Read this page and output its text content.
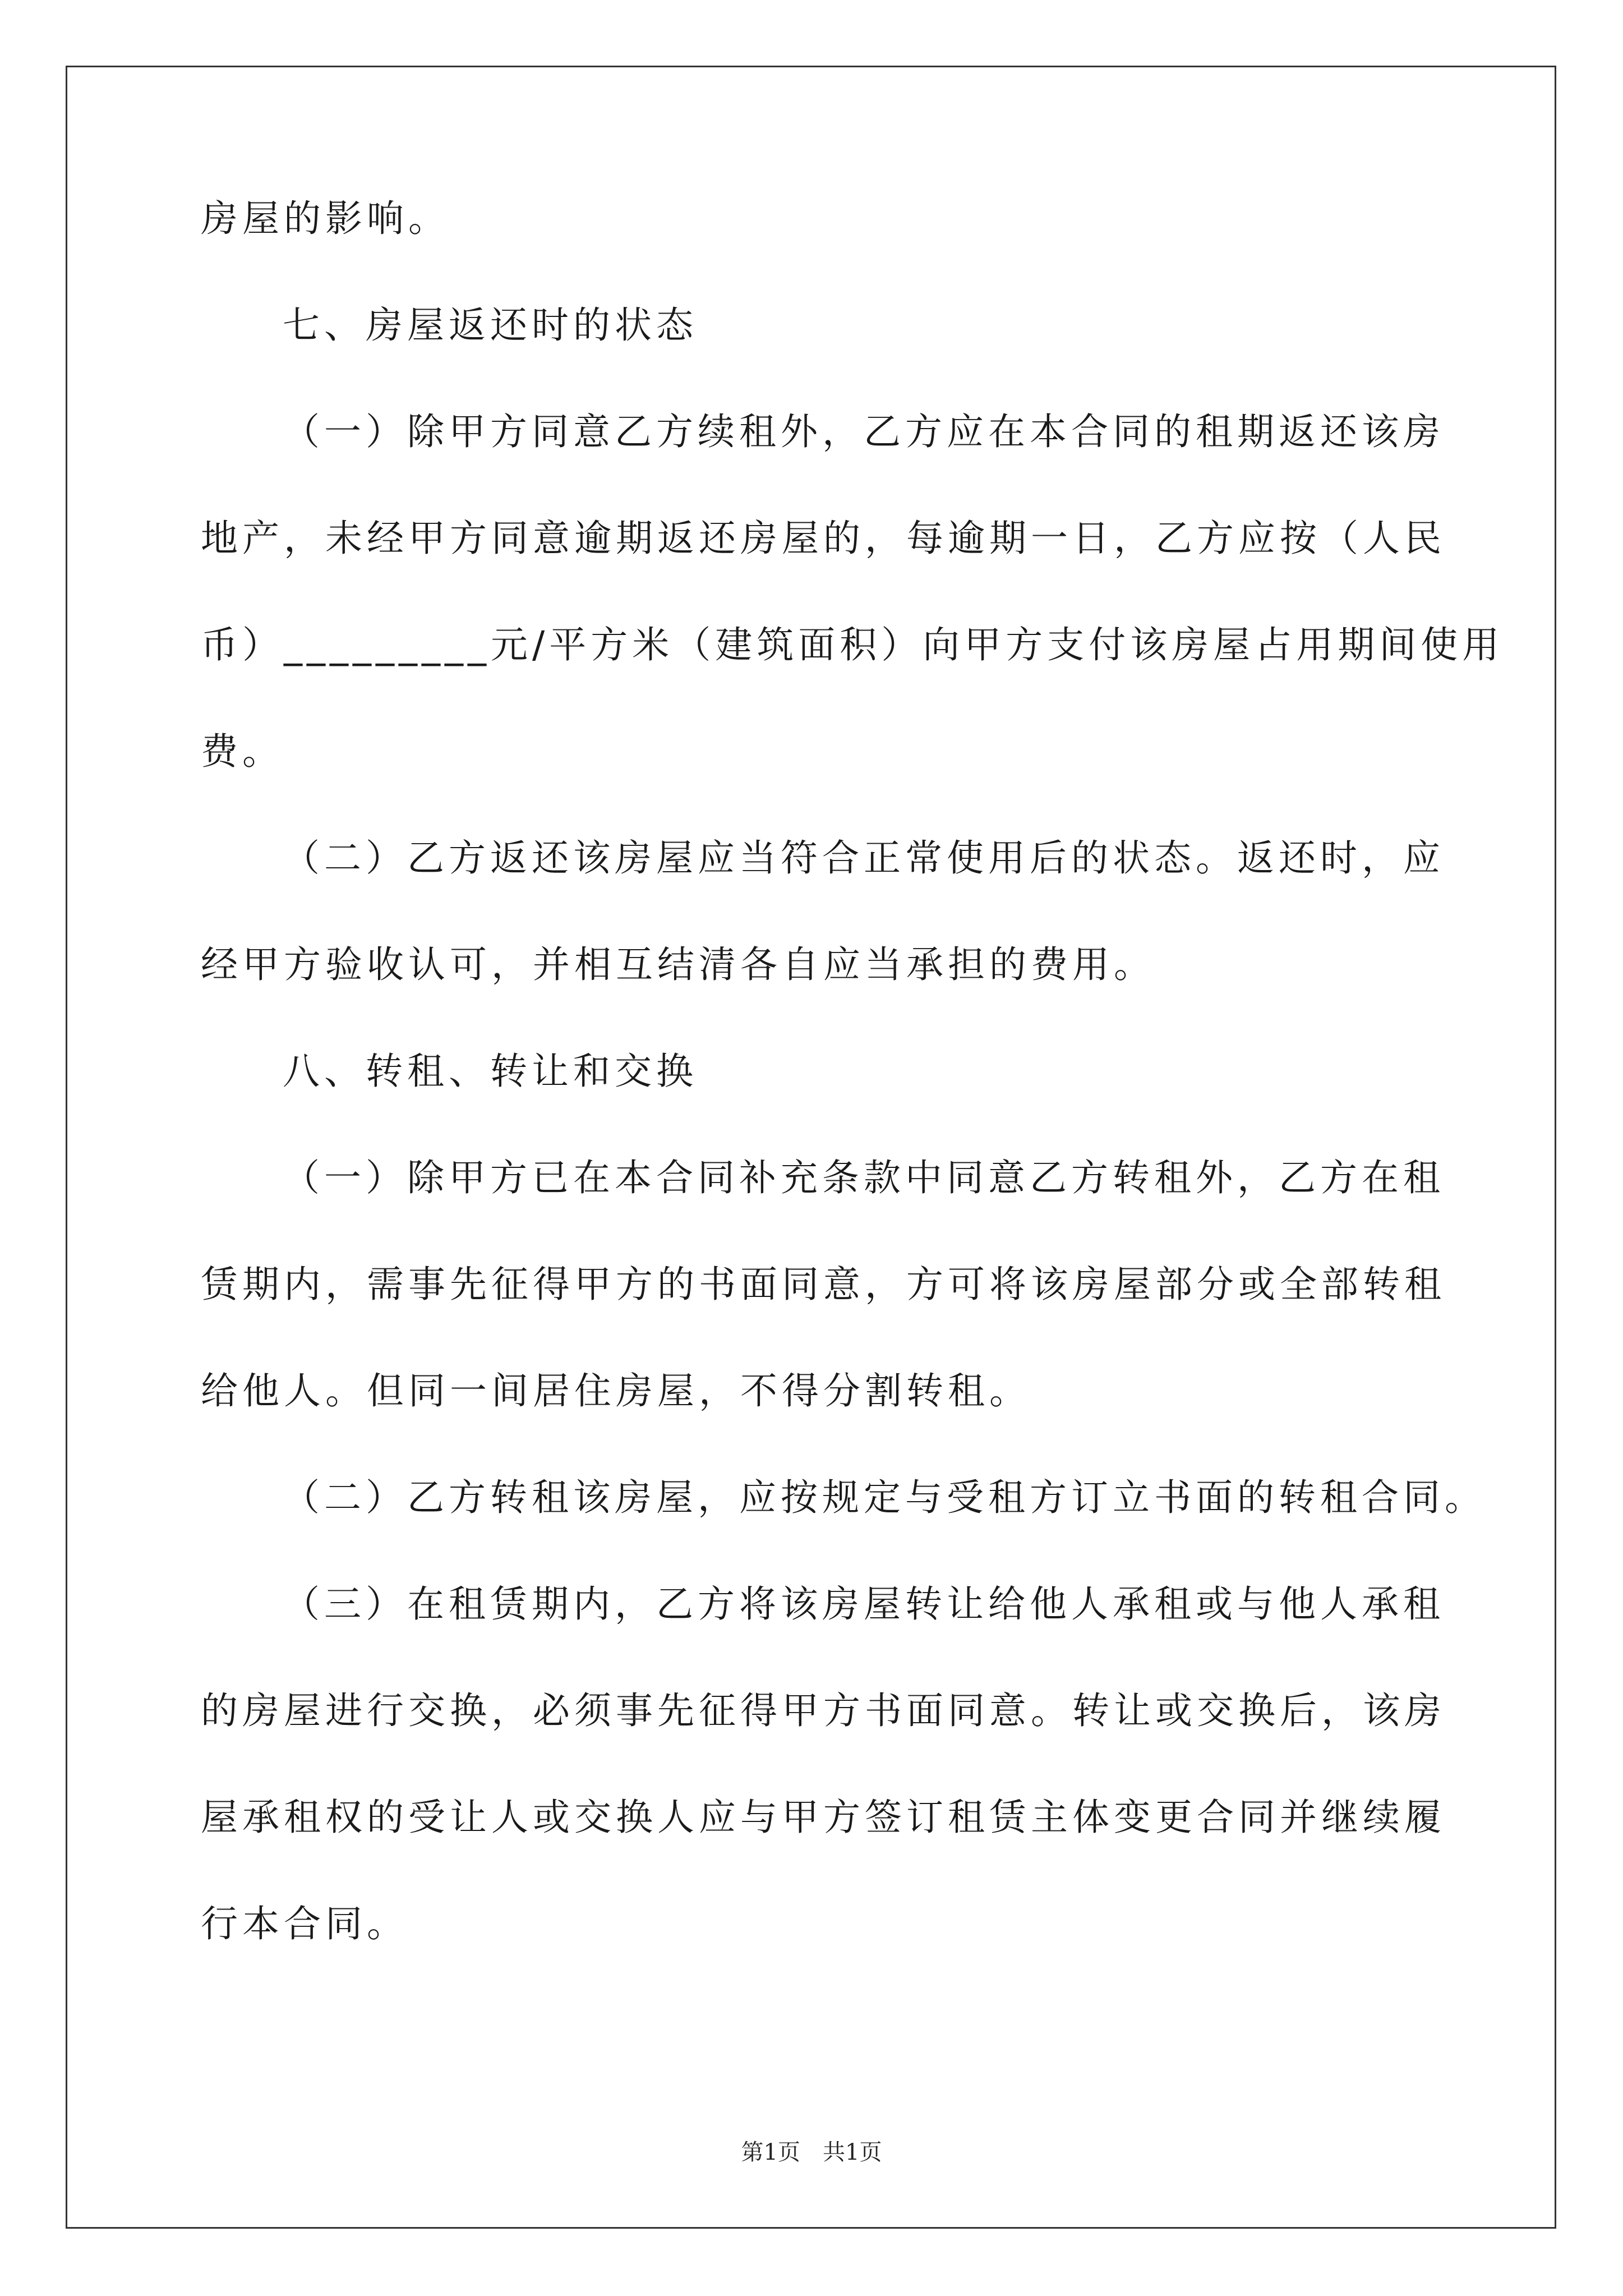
房屋的影响。
七、房屋返还时的状态
（一）除甲方同意乙方续租外，乙方应在本合同的租期返还该房
地产，未经甲方同意逾期返还房屋的，每逾期一日，乙方应按（人民
币）_________元/平方米（建筑面积）向甲方支付该房屋占用期间使用
费。
（二）乙方返还该房屋应当符合正常使用后的状态。返还时，应
经甲方验收认可，并相互结清各自应当承担的费用。
八、转租、转让和交换
（一）除甲方已在本合同补充条款中同意乙方转租外，乙方在租
赁期内，需事先征得甲方的书面同意，方可将该房屋部分或全部转租
给他人。但同一间居住房屋，不得分割转租。
（二）乙方转租该房屋，应按规定与受租方订立书面的转租合同。
（三）在租赁期内，乙方将该房屋转让给他人承租或与他人承租
的房屋进行交换，必须事先征得甲方书面同意。转让或交换后，该房
屋承租权的受让人或交换人应与甲方签订租赁主体变更合同并继续履
行本合同。
第1页　共1页
